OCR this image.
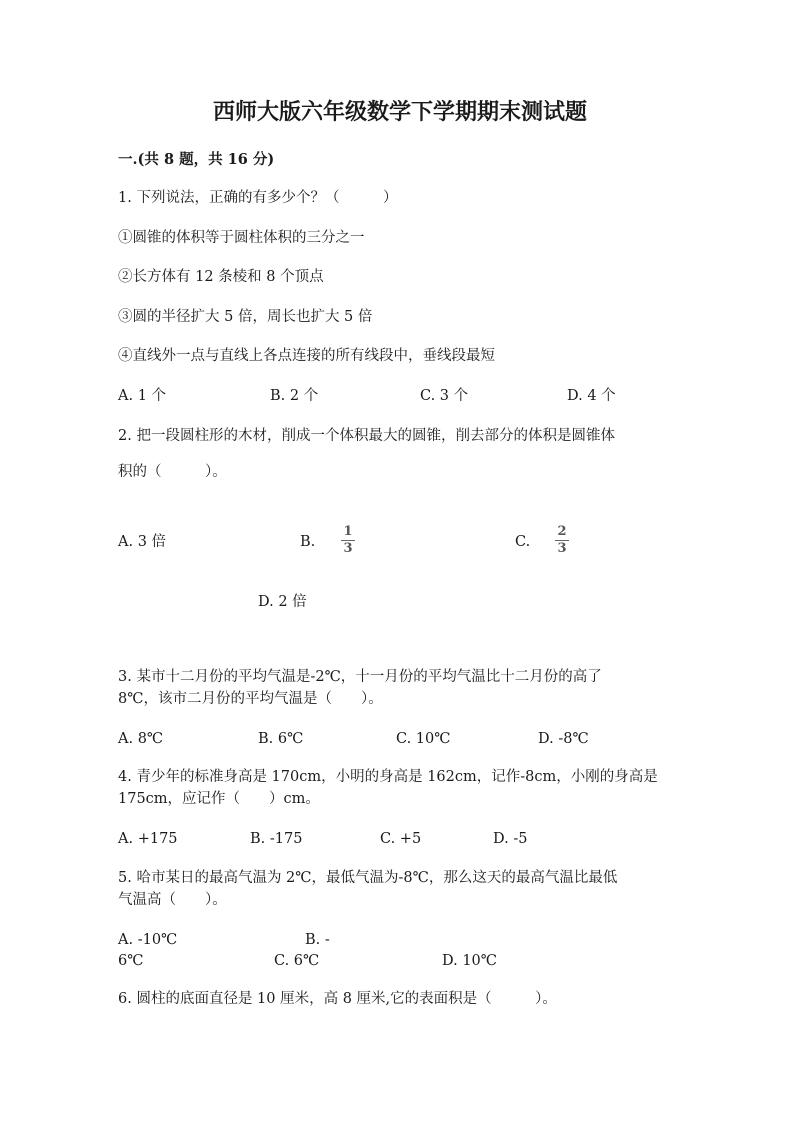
西师大版六年级数学下学期期末测试题
一.(共 8 题，共 16 分)
1. 下列说法，正确的有多少个？（　　　）
①圆锥的体积等于圆柱体积的三分之一
②长方体有 12 条棱和 8 个顶点
③圆的半径扩大 5 倍，周长也扩大 5 倍
④直线外一点与直线上各点连接的所有线段中，垂线段最短
A. 1 个	B. 2 个	C. 3 个	D. 4 个
2. 把一段圆柱形的木材，削成一个体积最大的圆锥，削去部分的体积是圆锥体
积的（　　　）。
A. 3 倍	B.
1
3	C.
2
3
D. 2 倍
3. 某市十二月份的平均气温是-2℃，十一月份的平均气温比十二月份的高了
8℃，该市二月份的平均气温是（　　）。
A. 8℃	B. 6℃	C. 10℃	D. -8℃
4. 青少年的标准身高是 170cm，小明的身高是 162cm，记作-8cm，小刚的身高是
175cm，应记作（　　）cm。
A. +175	B. -175	C. +5	D. -5
5. 哈市某日的最高气温为 2℃，最低气温为-8℃，那么这天的最高气温比最低
气温高（　　）。
A. -10℃	B. -
6℃	C. 6℃	D. 10℃
6. 圆柱的底面直径是 10 厘米，高 8 厘米,它的表面积是（　　　）。
